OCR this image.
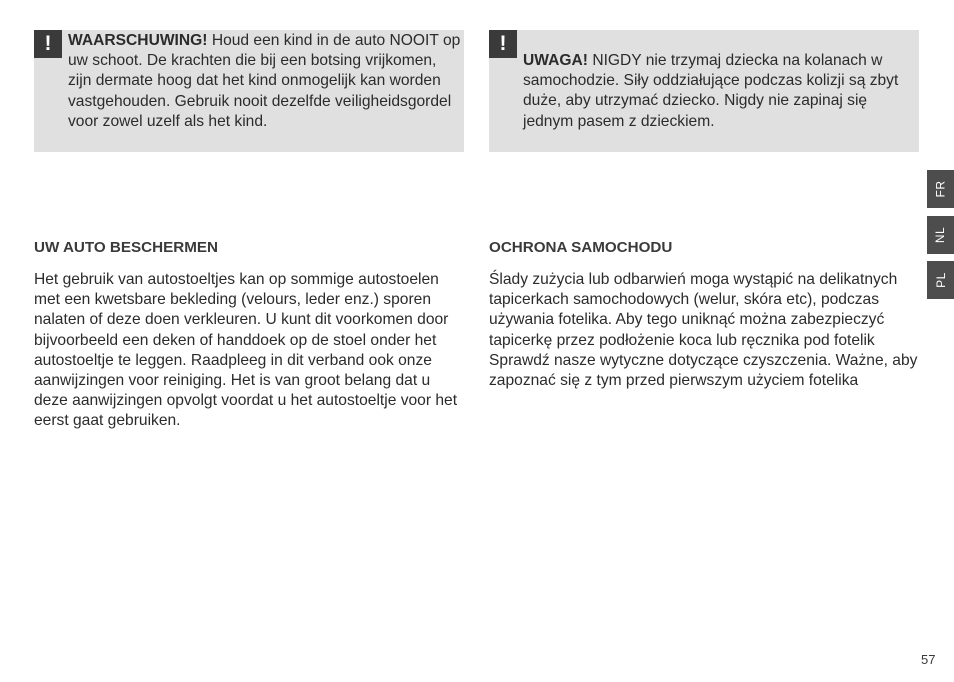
!	WAARSCHUWING! Houd een kind in de auto NOOIT op uw schoot. De krachten die bij een botsing vrijkomen, zijn dermate hoog dat het kind onmogelijk kan worden vastgehouden. Gebruik nooit dezelfde veiligheidsgordel voor zowel uzelf als het kind.

!

UWAGA! NIGDY nie trzymaj dziecka na kolanach w samochodzie. Siły oddziałujące podczas kolizji są zbyt duże, aby utrzymać dziecko. Nigdy nie zapinaj się jednym pasem z dzieckiem.

UW AUTO BESCHERMEN

Het gebruik van autostoeltjes kan op sommige autostoelen met een kwetsbare bekleding (velours, leder enz.) sporen nalaten of deze doen verkleuren. U kunt dit voorkomen door bijvoorbeeld een deken of handdoek op de stoel onder het autostoeltje te leggen. Raadpleeg in dit verband ook onze aanwijzingen voor reiniging. Het is van groot belang dat u deze aanwijzingen opvolgt voordat u het autostoeltje voor het eerst gaat gebruiken.

OCHRONA SAMOCHODU

Ślady zużycia lub odbarwień moga wystąpić na delikatnych tapicerkach samochodowych (welur, skóra etc), podczas używania fotelika. Aby tego uniknąć można zabezpieczyć tapicerkę przez podłożenie koca lub ręcznika pod fotelik Sprawdź nasze wytyczne dotyczące czyszczenia. Ważne, aby zapoznać się z tym przed pierwszym użyciem fotelika

FR
NL
PL
57
